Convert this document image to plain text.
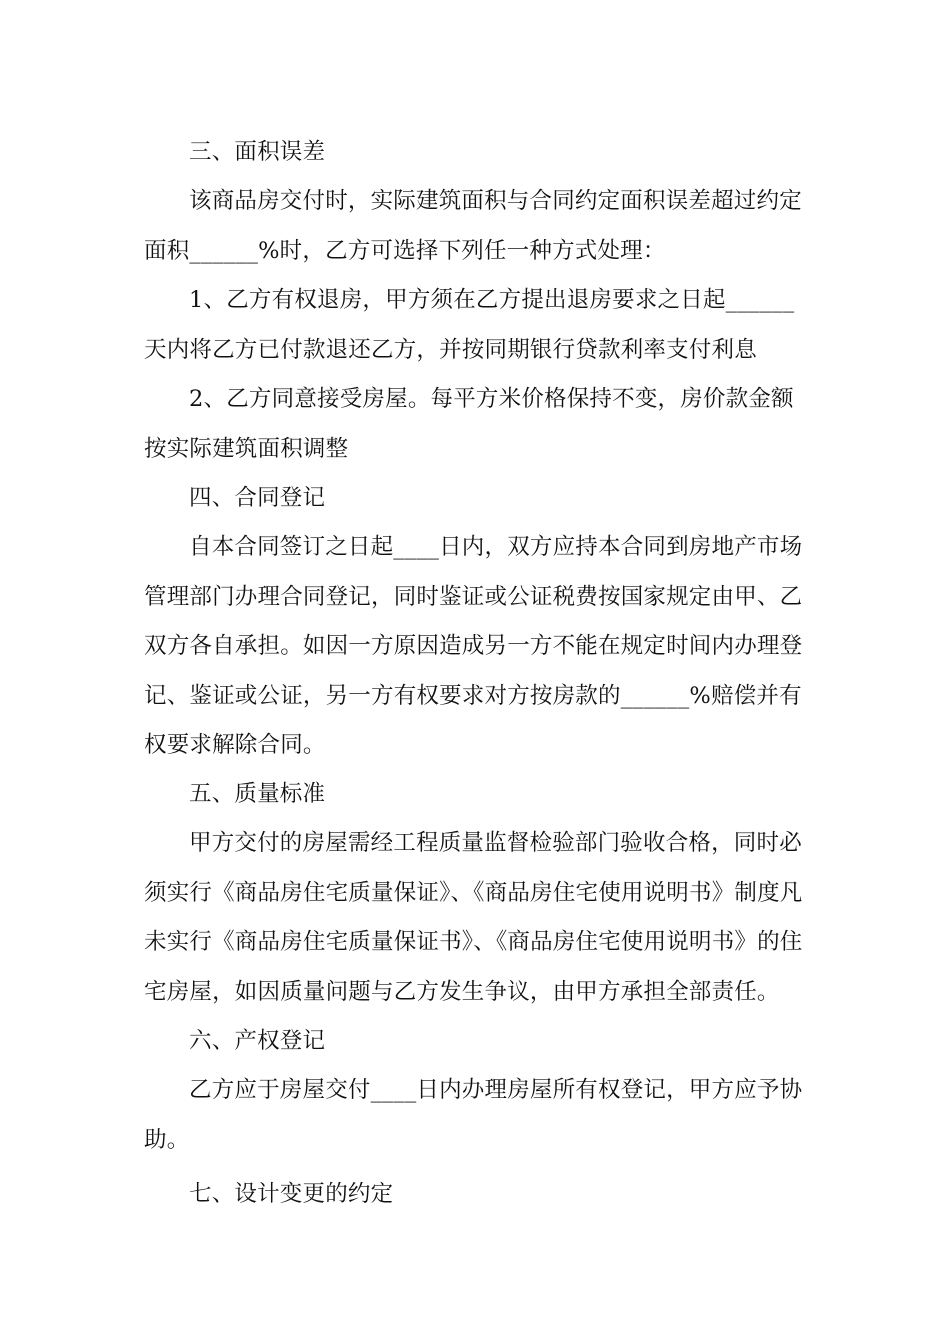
三、面积误差

该商品房交付时，实际建筑面积与合同约定面积误差超过约定面积______%时，乙方可选择下列任一种方式处理：

1、乙方有权退房，甲方须在乙方提出退房要求之日起______天内将乙方已付款退还乙方，并按同期银行贷款利率支付利息

2、乙方同意接受房屋。每平方米价格保持不变，房价款金额按实际建筑面积调整

四、合同登记

自本合同签订之日起____日内，双方应持本合同到房地产市场管理部门办理合同登记，同时鉴证或公证税费按国家规定由甲、乙双方各自承担。如因一方原因造成另一方不能在规定时间内办理登记、鉴证或公证，另一方有权要求对方按房款的______%赔偿并有权要求解除合同。

五、质量标准

甲方交付的房屋需经工程质量监督检验部门验收合格，同时必须实行《商品房住宅质量保证》、《商品房住宅使用说明书》制度凡未实行《商品房住宅质量保证书》、《商品房住宅使用说明书》的住宅房屋，如因质量问题与乙方发生争议，由甲方承担全部责任。

六、产权登记

乙方应于房屋交付____日内办理房屋所有权登记，甲方应予协助。

七、设计变更的约定
